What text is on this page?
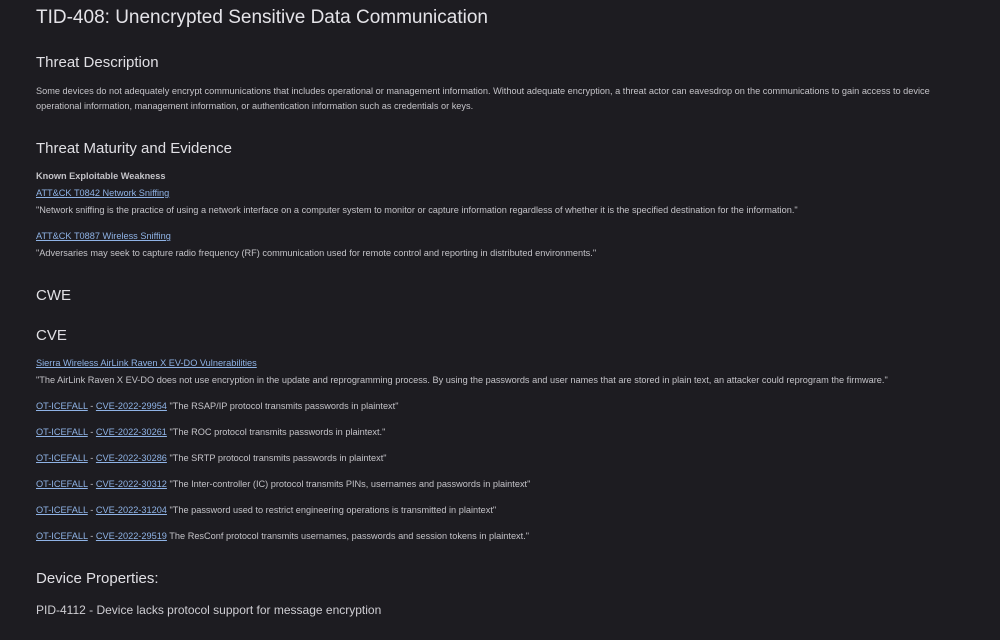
TID-408: Unencrypted Sensitive Data Communication
Threat Description

Some devices do not adequately encrypt communications that includes operational or management information. Without adequate encryption, a threat actor can eavesdrop on the communications to gain access to device operational information, management information, or authentication information such as credentials or keys.

Threat Maturity and Evidence
Known Exploitable Weakness
ATT&CK T0842 Network Sniffing
"Network sniffing is the practice of using a network interface on a computer system to monitor or capture information regardless of whether it is the specified destination for the information."
ATT&CK T0887 Wireless Sniffing
"Adversaries may seek to capture radio frequency (RF) communication used for remote control and reporting in distributed environments."
CWE
CVE
Sierra Wireless AirLink Raven X EV-DO Vulnerabilities
"The AirLink Raven X EV-DO does not use encryption in the update and reprogramming process. By using the passwords and user names that are stored in plain text, an attacker could reprogram the firmware."
OT-ICEFALL - CVE-2022-29954 "The RSAP/IP protocol transmits passwords in plaintext"
OT-ICEFALL - CVE-2022-30261 "The ROC protocol transmits passwords in plaintext."
OT-ICEFALL - CVE-2022-30286 "The SRTP protocol transmits passwords in plaintext"
OT-ICEFALL - CVE-2022-30312 "The Inter-controller (IC) protocol transmits PINs, usernames and passwords in plaintext"
OT-ICEFALL - CVE-2022-31204 "The password used to restrict engineering operations is transmitted in plaintext"
OT-ICEFALL - CVE-2022-29519 The ResConf protocol transmits usernames, passwords and session tokens in plaintext."
Device Properties:
PID-4112 - Device lacks protocol support for message encryption
